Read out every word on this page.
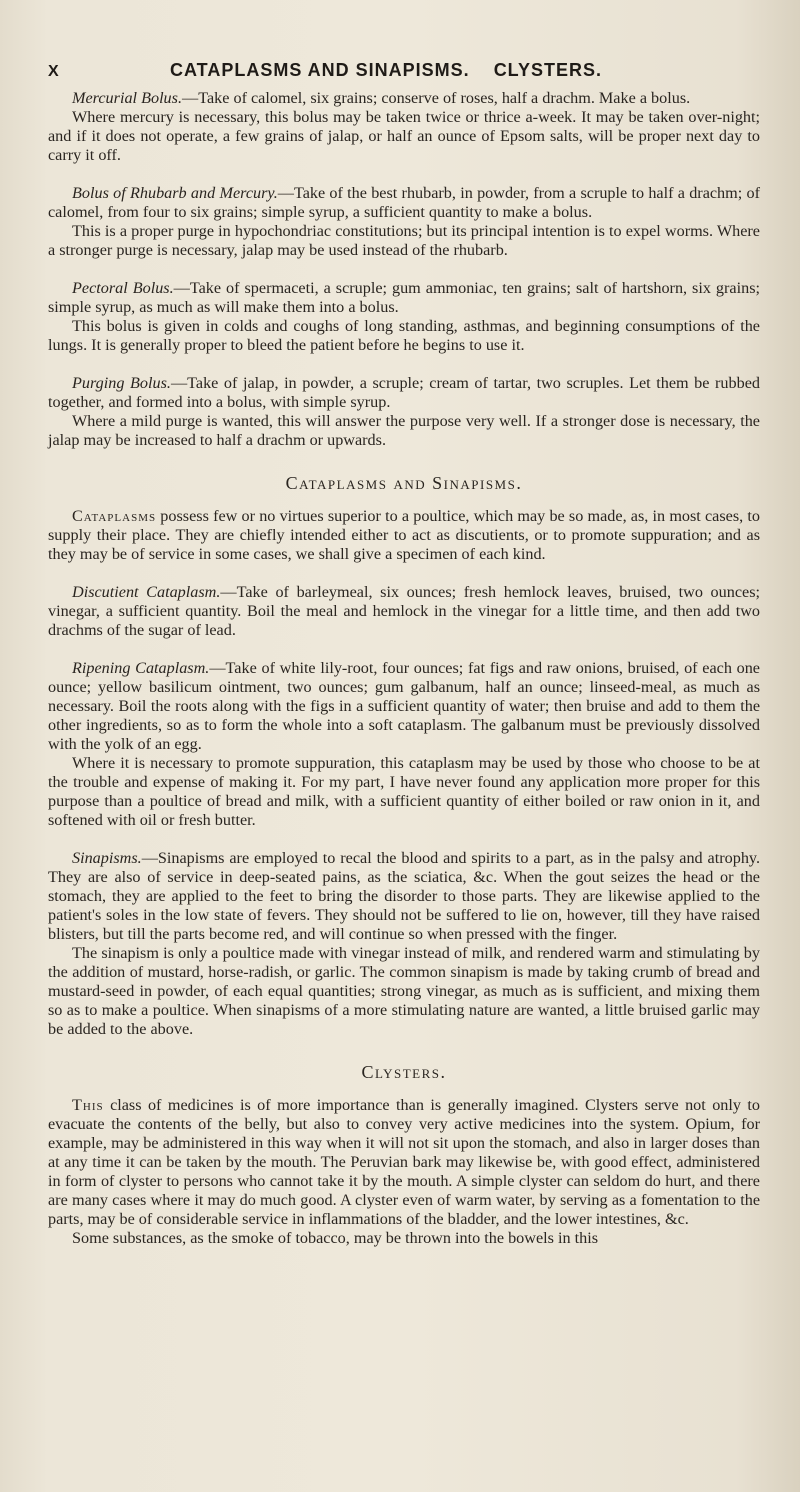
X	CATAPLASMS AND SINAPISMS. CLYSTERS.

Mercurial Bolus.—Take of calomel, six grains; conserve of roses, half a drachm. Make a bolus.

Where mercury is necessary, this bolus may be taken twice or thrice a-week. It may be taken over-night; and if it does not operate, a few grains of jalap, or half an ounce of Epsom salts, will be proper next day to carry it off.

Bolus of Rhubarb and Mercury.—Take of the best rhubarb, in powder, from a scruple to half a drachm; of calomel, from four to six grains; simple syrup, a sufficient quantity to make a bolus.

This is a proper purge in hypochondriac constitutions; but its principal intention is to expel worms. Where a stronger purge is necessary, jalap may be used instead of the rhubarb.

Pectoral Bolus.—Take of spermaceti, a scruple; gum ammoniac, ten grains; salt of hartshorn, six grains; simple syrup, as much as will make them into a bolus.

This bolus is given in colds and coughs of long standing, asthmas, and beginning consumptions of the lungs. It is generally proper to bleed the patient before he begins to use it.

Purging Bolus.—Take of jalap, in powder, a scruple; cream of tartar, two scruples. Let them be rubbed together, and formed into a bolus, with simple syrup.

Where a mild purge is wanted, this will answer the purpose very well. If a stronger dose is necessary, the jalap may be increased to half a drachm or upwards.

Cataplasms and Sinapisms.

Cataplasms possess few or no virtues superior to a poultice, which may be so made, as, in most cases, to supply their place. They are chiefly intended either to act as discutients, or to promote suppuration; and as they may be of service in some cases, we shall give a specimen of each kind.

Discutient Cataplasm.—Take of barleymeal, six ounces; fresh hemlock leaves, bruised, two ounces; vinegar, a sufficient quantity. Boil the meal and hemlock in the vinegar for a little time, and then add two drachms of the sugar of lead.

Ripening Cataplasm.—Take of white lily-root, four ounces; fat figs and raw onions, bruised, of each one ounce; yellow basilicum ointment, two ounces; gum galbanum, half an ounce; linseed-meal, as much as necessary. Boil the roots along with the figs in a sufficient quantity of water; then bruise and add to them the other ingredients, so as to form the whole into a soft cataplasm. The galbanum must be previously dissolved with the yolk of an egg.

Where it is necessary to promote suppuration, this cataplasm may be used by those who choose to be at the trouble and expense of making it. For my part, I have never found any application more proper for this purpose than a poultice of bread and milk, with a sufficient quantity of either boiled or raw onion in it, and softened with oil or fresh butter.

Sinapisms.—Sinapisms are employed to recal the blood and spirits to a part, as in the palsy and atrophy. They are also of service in deep-seated pains, as the sciatica, &c. When the gout seizes the head or the stomach, they are applied to the feet to bring the disorder to those parts. They are likewise applied to the patient's soles in the low state of fevers. They should not be suffered to lie on, however, till they have raised blisters, but till the parts become red, and will continue so when pressed with the finger.

The sinapism is only a poultice made with vinegar instead of milk, and rendered warm and stimulating by the addition of mustard, horse-radish, or garlic. The common sinapism is made by taking crumb of bread and mustard-seed in powder, of each equal quantities; strong vinegar, as much as is sufficient, and mixing them so as to make a poultice. When sinapisms of a more stimulating nature are wanted, a little bruised garlic may be added to the above.

Clysters.

This class of medicines is of more importance than is generally imagined. Clysters serve not only to evacuate the contents of the belly, but also to convey very active medicines into the system. Opium, for example, may be administered in this way when it will not sit upon the stomach, and also in larger doses than at any time it can be taken by the mouth. The Peruvian bark may likewise be, with good effect, administered in form of clyster to persons who cannot take it by the mouth. A simple clyster can seldom do hurt, and there are many cases where it may do much good. A clyster even of warm water, by serving as a fomentation to the parts, may be of considerable service in inflammations of the bladder, and the lower intestines, &c.

Some substances, as the smoke of tobacco, may be thrown into the bowels in this
